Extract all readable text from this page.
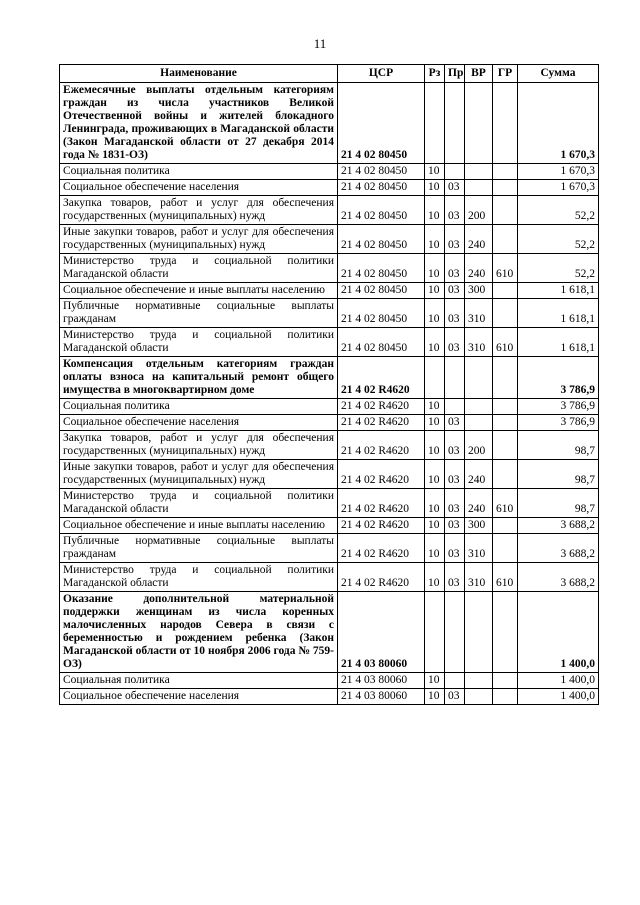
11
Наименование	ЦСР	Рз	Пр	ВР	ГР	Сумма
Ежемесячные выплаты отдельным категориям граждан из числа участников Великой Отечественной войны и жителей блокадного Ленинграда, проживающих в Магаданской области (Закон Магаданской области от 27 декабря 2014 года № 1831-ОЗ)	21 4 02 80450					1 670,3
Социальная политика	21 4 02 80450	10				1 670,3
Социальное обеспечение населения	21 4 02 80450	10	03			1 670,3
Закупка товаров, работ и услуг для обеспечения государственных (муниципальных) нужд	21 4 02 80450	10	03	200		52,2
Иные закупки товаров, работ и услуг для обеспечения государственных (муниципальных) нужд	21 4 02 80450	10	03	240		52,2
Министерство труда и социальной политики Магаданской области	21 4 02 80450	10	03	240	610	52,2
Социальное обеспечение и иные выплаты населению	21 4 02 80450	10	03	300		1 618,1
Публичные нормативные социальные выплаты гражданам	21 4 02 80450	10	03	310		1 618,1
Министерство труда и социальной политики Магаданской области	21 4 02 80450	10	03	310	610	1 618,1
Компенсация отдельным категориям граждан оплаты взноса на капитальный ремонт общего имущества в многоквартирном доме	21 4 02 R4620					3 786,9
Социальная политика	21 4 02 R4620	10				3 786,9
Социальное обеспечение населения	21 4 02 R4620	10	03			3 786,9
Закупка товаров, работ и услуг для обеспечения государственных (муниципальных) нужд	21 4 02 R4620	10	03	200		98,7
Иные закупки товаров, работ и услуг для обеспечения государственных (муниципальных) нужд	21 4 02 R4620	10	03	240		98,7
Министерство труда и социальной политики Магаданской области	21 4 02 R4620	10	03	240	610	98,7
Социальное обеспечение и иные выплаты населению	21 4 02 R4620	10	03	300		3 688,2
Публичные нормативные социальные выплаты гражданам	21 4 02 R4620	10	03	310		3 688,2
Министерство труда и социальной политики Магаданской области	21 4 02 R4620	10	03	310	610	3 688,2
Оказание дополнительной материальной поддержки женщинам из числа коренных малочисленных народов Севера в связи с беременностью и рождением ребенка (Закон Магаданской области от 10 ноября 2006 года № 759-ОЗ)	21 4 03 80060					1 400,0
Социальная политика	21 4 03 80060	10				1 400,0
Социальное обеспечение населения	21 4 03 80060	10	03			1 400,0
